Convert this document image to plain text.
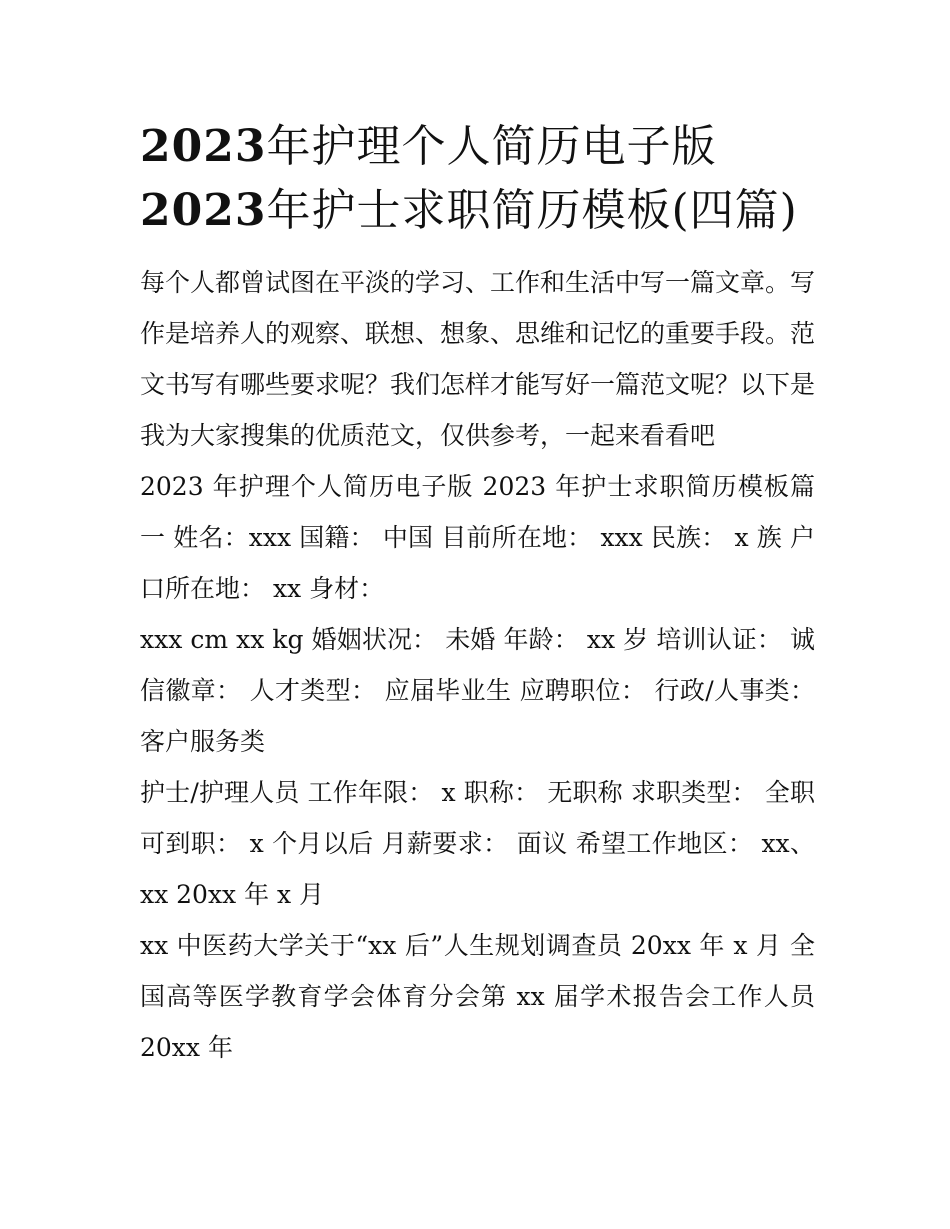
2023年护理个人简历电子版
2023年护士求职简历模板(四篇)

每个人都曾试图在平淡的学习、工作和生活中写一篇文章。写作是培养人的观察、联想、想象、思维和记忆的重要手段。范文书写有哪些要求呢？我们怎样才能写好一篇范文呢？以下是我为大家搜集的优质范文，仅供参考，一起来看看吧

2023 年护理个人简历电子版 2023 年护士求职简历模板篇一 姓名：xxx 国籍： 中国 目前所在地： xxx 民族： x 族 户口所在地： xx 身材：

xxx cm xx kg 婚姻状况： 未婚 年龄： xx 岁 培训认证： 诚信徽章： 人才类型： 应届毕业生 应聘职位： 行政/人事类：客户服务类

护士/护理人员 工作年限： x 职称： 无职称 求职类型： 全职 可到职： x 个月以后 月薪要求： 面议 希望工作地区： xx、xx 20xx 年 x 月

xx 中医药大学关于“xx 后”人生规划调查员 20xx 年 x 月 全国高等医学教育学会体育分会第 xx 届学术报告会工作人员 20xx 年
